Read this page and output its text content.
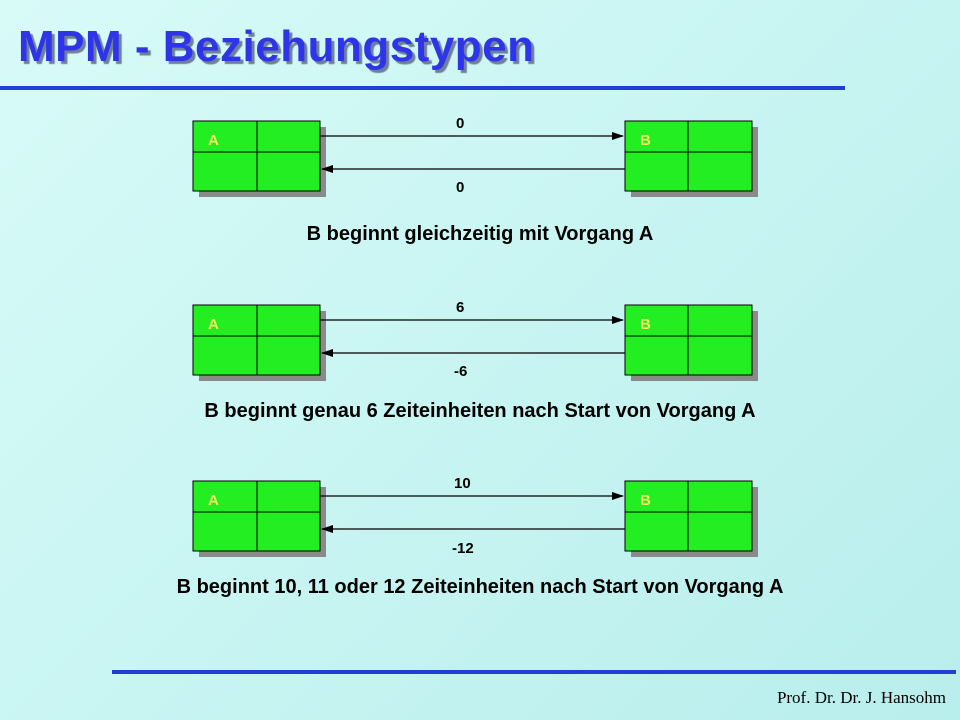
MPM - Beziehungstypen
A	B
0
0
A	B
6
-6
A	B
10
-12
B beginnt gleichzeitig mit Vorgang A
B beginnt genau 6 Zeiteinheiten nach Start von Vorgang A
B beginnt 10, 11 oder 12 Zeiteinheiten nach Start von Vorgang A
Prof. Dr. Dr. J. Hansohm
